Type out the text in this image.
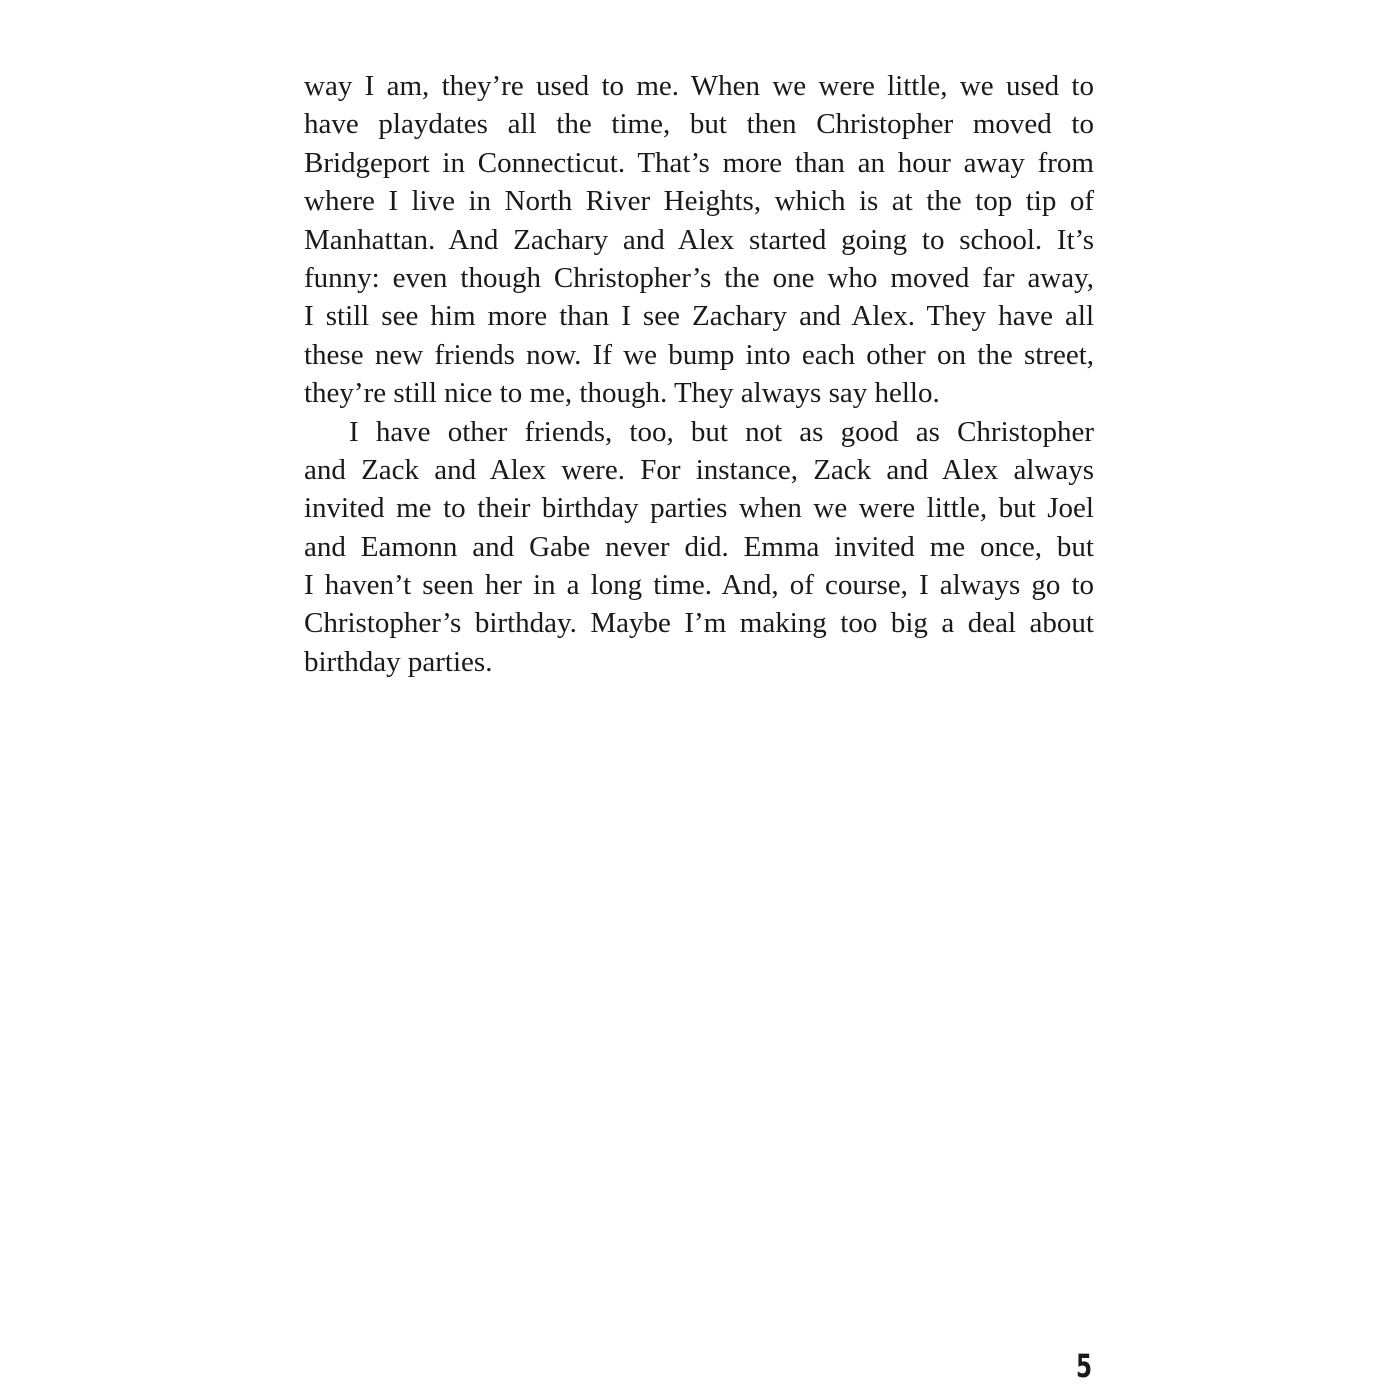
way I am, they’re used to me. When we were little, we used to
have playdates all the time, but then Christopher moved to
Bridgeport in Connecticut. That’s more than an hour away from
where I live in North River Heights, which is at the top tip of
Manhattan. And Zachary and Alex started going to school. It’s
funny: even though Christopher’s the one who moved far away,
I still see him more than I see Zachary and Alex. They have all
these new friends now. If we bump into each other on the street,
they’re still nice to me, though. They always say hello.
I have other friends, too, but not as good as Christopher
and Zack and Alex were. For instance, Zack and Alex always
invited me to their birthday parties when we were little, but Joel
and Eamonn and Gabe never did. Emma invited me once, but
I haven’t seen her in a long time. And, of course, I always go to
Christopher’s birthday. Maybe I’m making too big a deal about
birthday parties.
5
